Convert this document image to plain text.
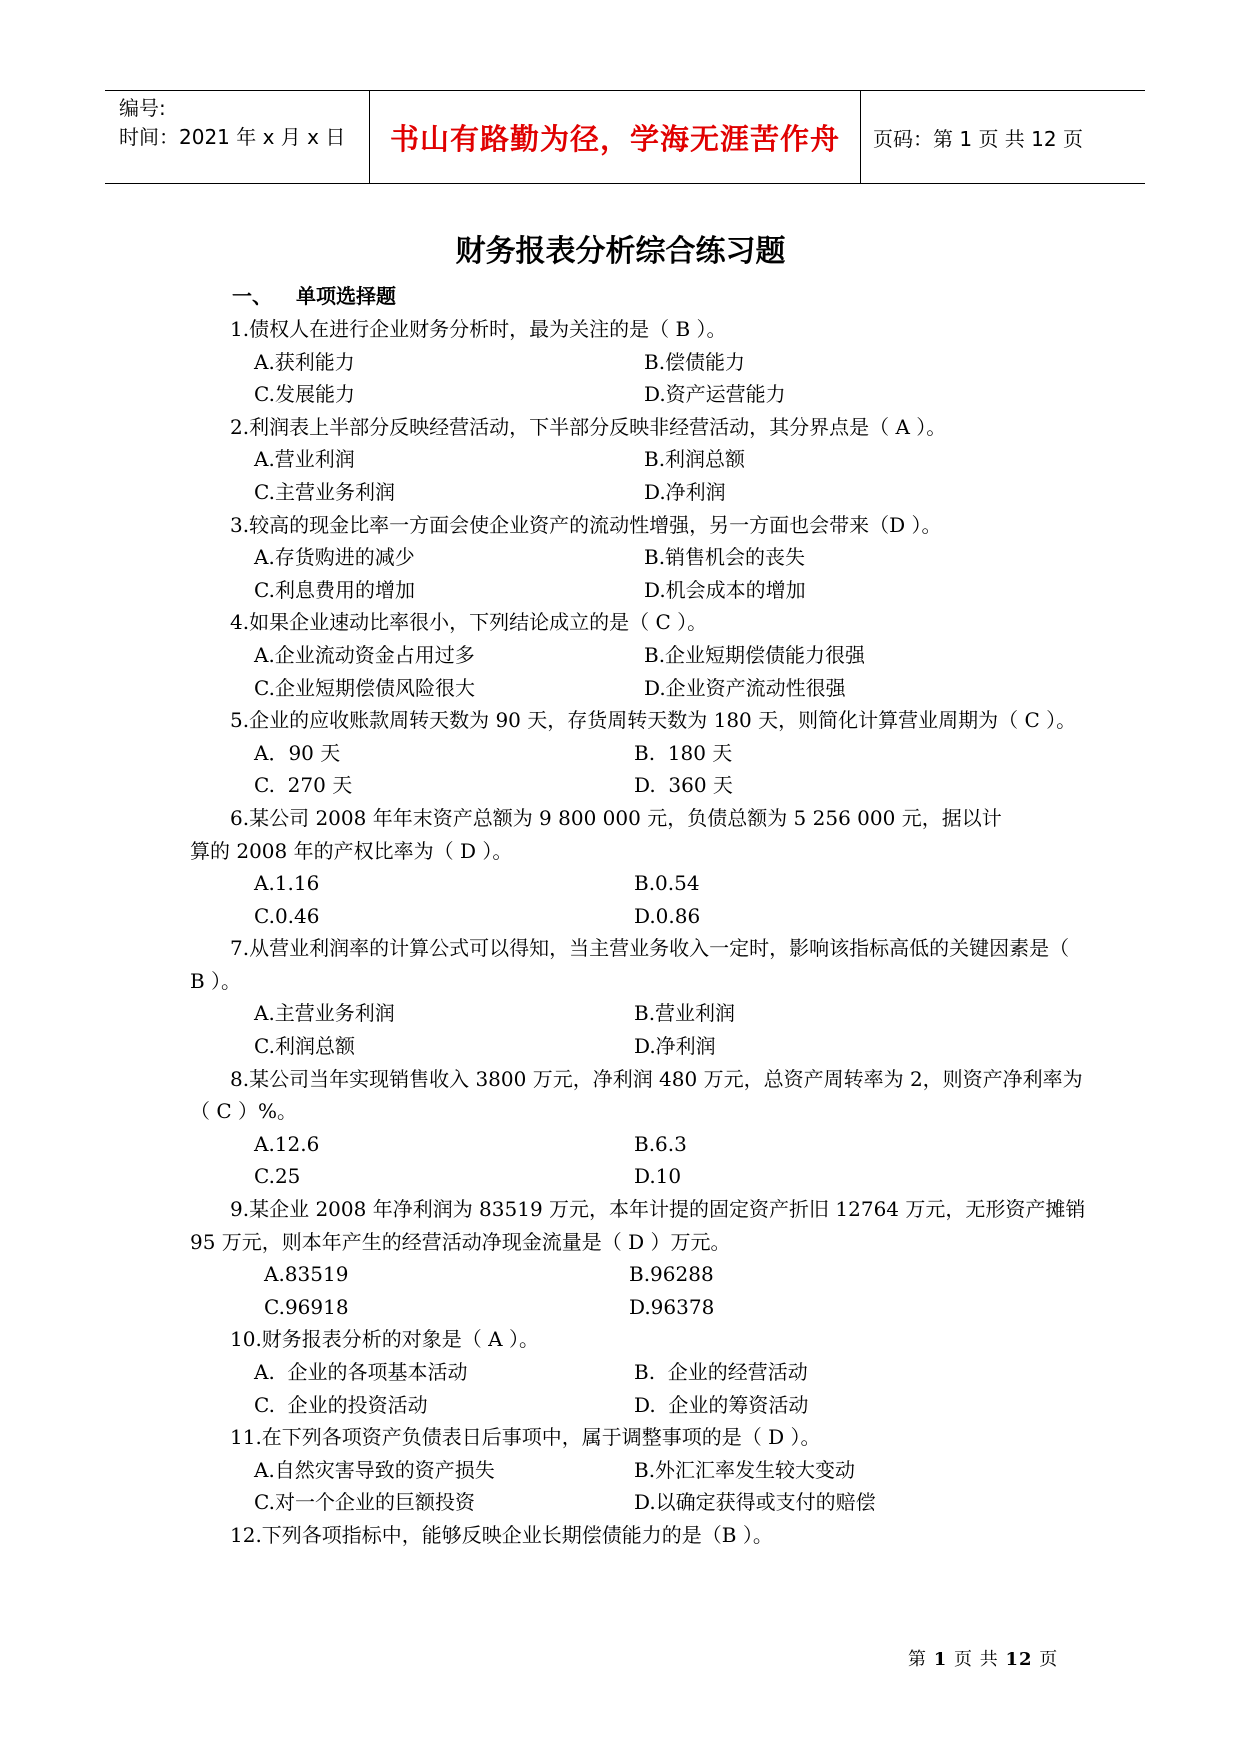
编号:
时间：2021 年 x 月 x 日	书山有路勤为径，学海无涯苦作舟	页码：第 1 页 共 12 页
财务报表分析综合练习题
一、 单项选择题
1.债权人在进行企业财务分析时，最为关注的是（ B ）。
A.获利能力	B.偿债能力
C.发展能力	D.资产运营能力
2.利润表上半部分反映经营活动，下半部分反映非经营活动，其分界点是（ A ）。
A.营业利润	B.利润总额
C.主营业务利润	D.净利润
3.较高的现金比率一方面会使企业资产的流动性增强，另一方面也会带来（D ）。
A.存货购进的减少	B.销售机会的丧失
C.利息费用的增加	D.机会成本的增加
4.如果企业速动比率很小，下列结论成立的是（ C ）。
A.企业流动资金占用过多	B.企业短期偿债能力很强
C.企业短期偿债风险很大	D.企业资产流动性很强
5.企业的应收账款周转天数为 90 天，存货周转天数为 180 天，则简化计算营业周期为（ C ）。
A．90 天	B.  180 天
C.  270 天	D.  360 天
6.某公司 2008 年年末资产总额为 9 800 000 元，负债总额为 5 256 000 元，据以计算的 2008 年的产权比率为（ D ）。
A.1.16	B.0.54
C.0.46	D.0.86
7.从营业利润率的计算公式可以得知，当主营业务收入一定时，影响该指标高低的关键因素是（ B ）。
A.主营业务利润	B.营业利润
C.利润总额	D.净利润
8.某公司当年实现销售收入 3800 万元，净利润 480 万元，总资产周转率为 2，则资产净利率为（ C ）%。
A.12.6	B.6.3
C.25	D.10
9.某企业 2008 年净利润为 83519 万元，本年计提的固定资产折旧 12764 万元，无形资产摊销 95 万元，则本年产生的经营活动净现金流量是（ D ）万元。
A.83519	B.96288
C.96918	D.96378
10.财务报表分析的对象是（ A ）。
A.  企业的各项基本活动	B.  企业的经营活动
C.  企业的投资活动	D.  企业的筹资活动
11.在下列各项资产负债表日后事项中，属于调整事项的是（ D ）。
A.自然灾害导致的资产损失	B.外汇汇率发生较大变动
C.对一个企业的巨额投资	D.以确定获得或支付的赔偿
12.下列各项指标中，能够反映企业长期偿债能力的是（B ）。
第 1 页 共 12 页
